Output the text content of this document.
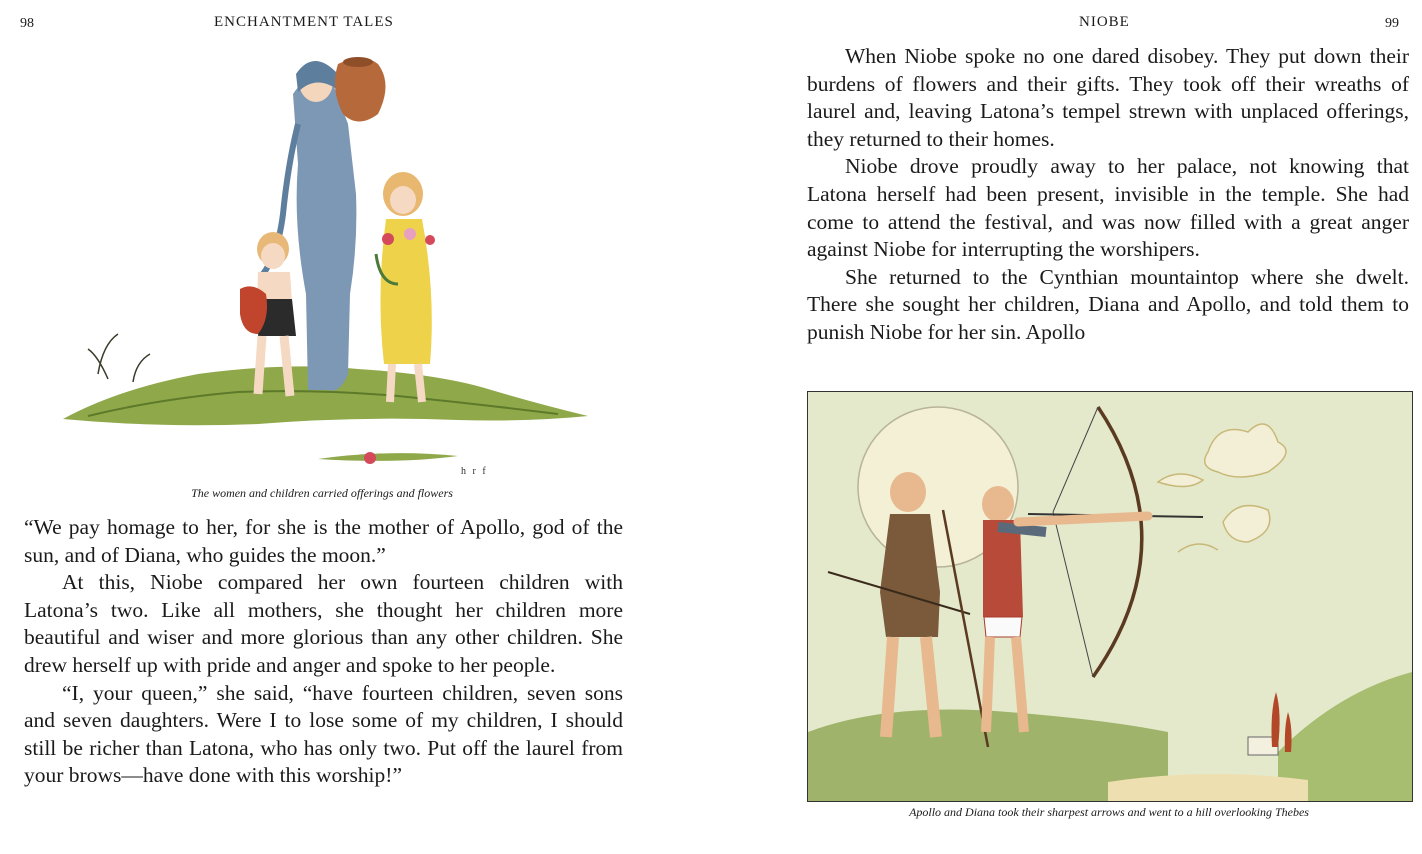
98	ENCHANTMENT TALES
h r f
The women and children carried offerings and flowers

“We pay homage to her, for she is the mother of Apollo, god of the sun, and of Diana, who guides the moon.”

At this, Niobe compared her own fourteen children with Latona’s two. Like all mothers, she thought her children more beautiful and wiser and more glorious than any other children. She drew herself up with pride and anger and spoke to her people.

“I, your queen,” she said, “have fourteen children, seven sons and seven daughters. Were I to lose some of my children, I should still be richer than Latona, who has only two. Put off the laurel from your brows—have done with this worship!”

NIOBE	99

When Niobe spoke no one dared disobey. They put down their burdens of flowers and their gifts. They took off their wreaths of laurel and, leaving Latona’s tempel strewn with unplaced offerings, they returned to their homes.

Niobe drove proudly away to her palace, not knowing that Latona herself had been present, invisible in the temple. She had come to attend the festival, and was now filled with a great anger against Niobe for interrupting the worshipers.

She returned to the Cynthian mountaintop where she dwelt. There she sought her children, Diana and Apollo, and told them to punish Niobe for her sin. Apollo

Apollo and Diana took their sharpest arrows and went to a hill overlooking Thebes
